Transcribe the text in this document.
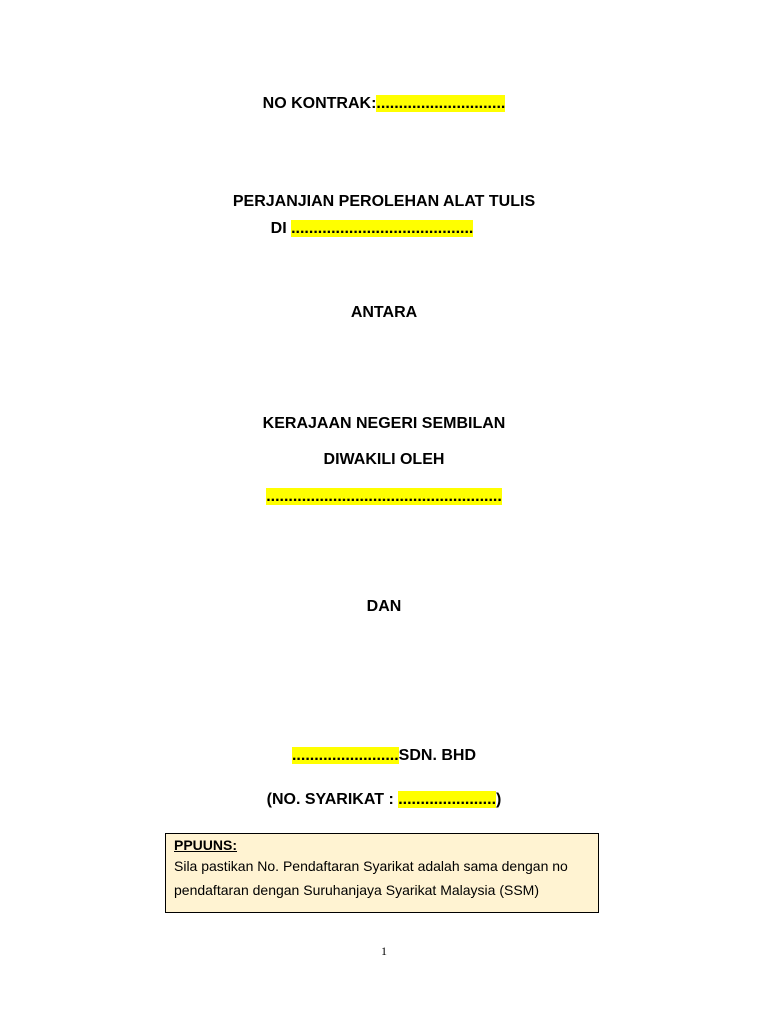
NO KONTRAK:.............................
PERJANJIAN PEROLEHAN ALAT TULIS
DI .........................................
ANTARA
KERAJAAN NEGERI SEMBILAN
DIWAKILI OLEH
.....................................................
DAN
........................SDN. BHD
(NO. SYARIKAT : ......................)
PPUUNS:
Sila pastikan No. Pendaftaran Syarikat adalah sama dengan no pendaftaran dengan Suruhanjaya Syarikat Malaysia (SSM)
1
